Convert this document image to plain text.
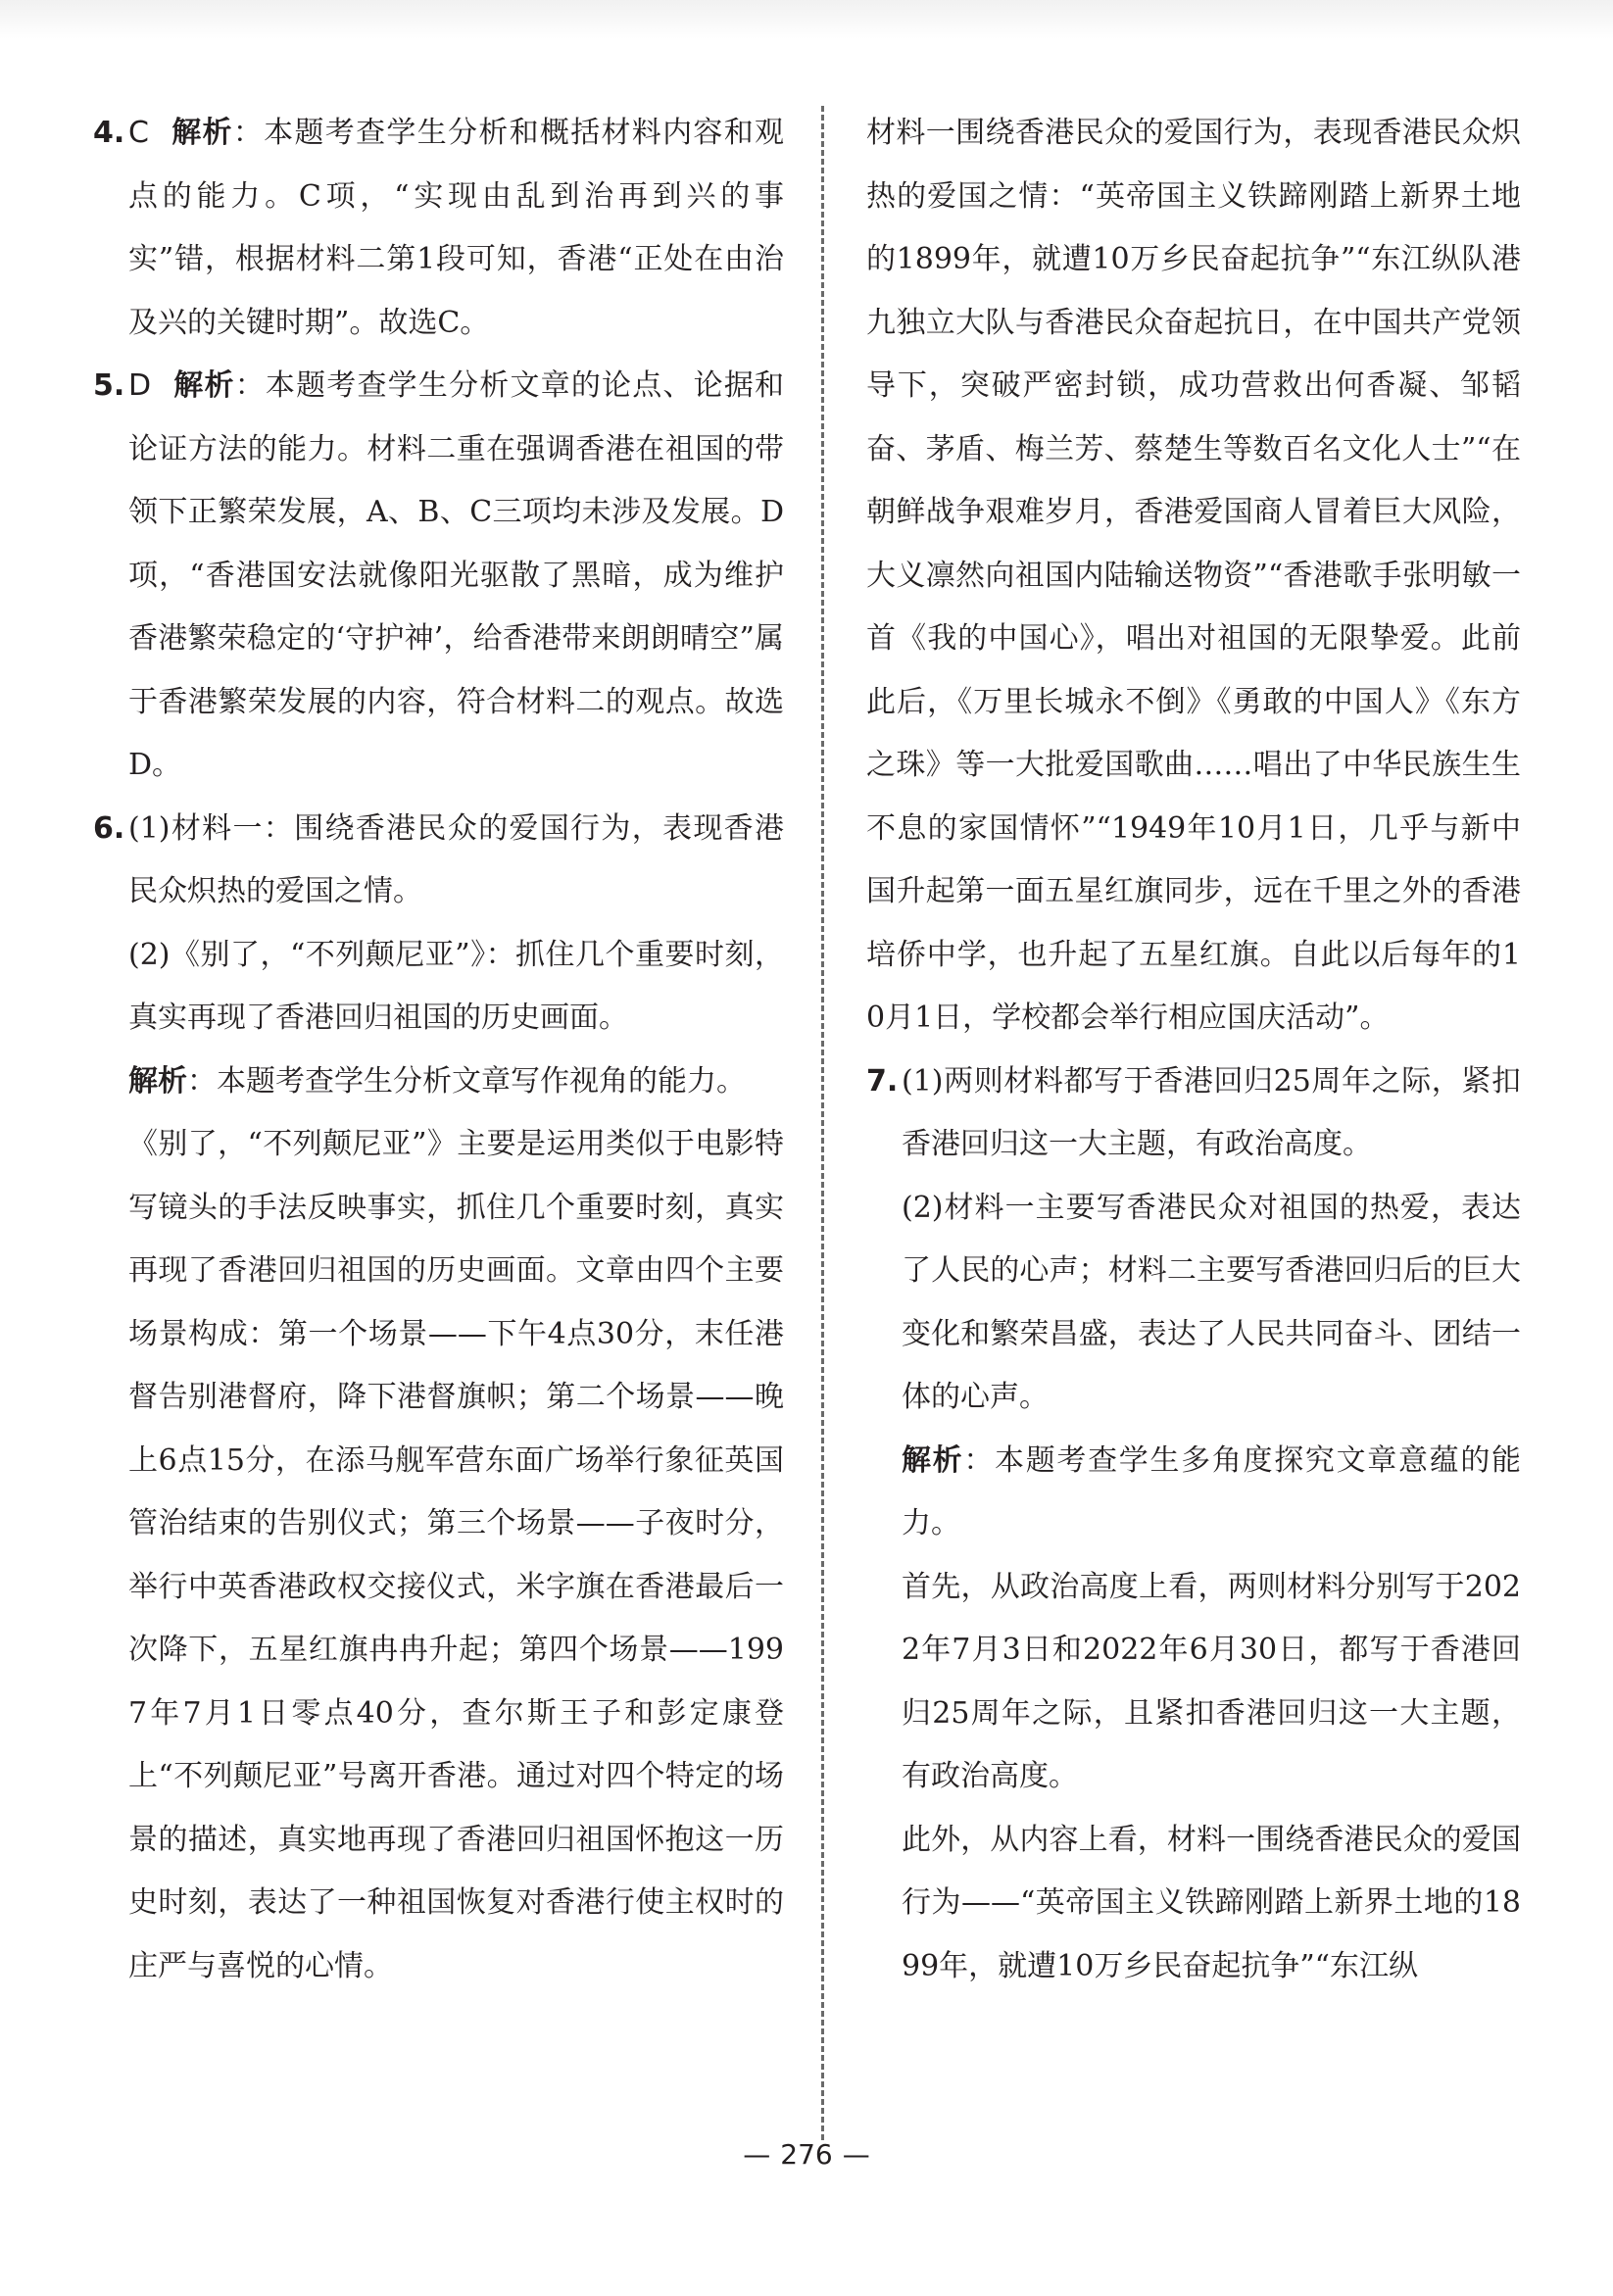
4. C 解析：本题考查学生分析和概括材料内容和观点的能力。C项，“实现由乱到治再到兴的事实”错，根据材料二第1段可知，香港“正处在由治及兴的关键时期”。故选C。

5. D 解析：本题考查学生分析文章的论点、论据和论证方法的能力。材料二重在强调香港在祖国的带领下正繁荣发展，A、B、C三项均未涉及发展。D项，“香港国安法就像阳光驱散了黑暗，成为维护香港繁荣稳定的‘守护神’，给香港带来朗朗晴空”属于香港繁荣发展的内容，符合材料二的观点。故选D。

6. (1)材料一：围绕香港民众的爱国行为，表现香港民众炽热的爱国之情。

(2)《别了，“不列颠尼亚”》：抓住几个重要时刻，真实再现了香港回归祖国的历史画面。

解析：本题考查学生分析文章写作视角的能力。

《别了，“不列颠尼亚”》主要是运用类似于电影特写镜头的手法反映事实，抓住几个重要时刻，真实再现了香港回归祖国的历史画面。文章由四个主要场景构成：第一个场景——下午4点30分，末任港督告别港督府，降下港督旗帜；第二个场景——晚上6点15分，在添马舰军营东面广场举行象征英国管治结束的告别仪式；第三个场景——子夜时分，举行中英香港政权交接仪式，米字旗在香港最后一次降下，五星红旗冉冉升起；第四个场景——1997年7月1日零点40分，查尔斯王子和彭定康登上“不列颠尼亚”号离开香港。通过对四个特定的场景的描述，真实地再现了香港回归祖国怀抱这一历史时刻，表达了一种祖国恢复对香港行使主权时的庄严与喜悦的心情。

材料一围绕香港民众的爱国行为，表现香港民众炽热的爱国之情：“英帝国主义铁蹄刚踏上新界土地的1899年，就遭10万乡民奋起抗争”“东江纵队港九独立大队与香港民众奋起抗日，在中国共产党领导下，突破严密封锁，成功营救出何香凝、邹韬奋、茅盾、梅兰芳、蔡楚生等数百名文化人士”“在朝鲜战争艰难岁月，香港爱国商人冒着巨大风险，大义凛然向祖国内陆输送物资”“香港歌手张明敏一首《我的中国心》，唱出对祖国的无限挚爱。此前此后，《万里长城永不倒》《勇敢的中国人》《东方之珠》等一大批爱国歌曲……唱出了中华民族生生不息的家国情怀”“1949年10月1日，几乎与新中国升起第一面五星红旗同步，远在千里之外的香港培侨中学，也升起了五星红旗。自此以后每年的10月1日，学校都会举行相应国庆活动”。

7. (1)两则材料都写于香港回归25周年之际，紧扣香港回归这一大主题，有政治高度。

(2)材料一主要写香港民众对祖国的热爱，表达了人民的心声；材料二主要写香港回归后的巨大变化和繁荣昌盛，表达了人民共同奋斗、团结一体的心声。

解析：本题考查学生多角度探究文章意蕴的能力。

首先，从政治高度上看，两则材料分别写于2022年7月3日和2022年6月30日，都写于香港回归25周年之际，且紧扣香港回归这一大主题，有政治高度。

此外，从内容上看，材料一围绕香港民众的爱国行为——“英帝国主义铁蹄刚踏上新界土地的1899年，就遭10万乡民奋起抗争”“东江纵

— 276 —
